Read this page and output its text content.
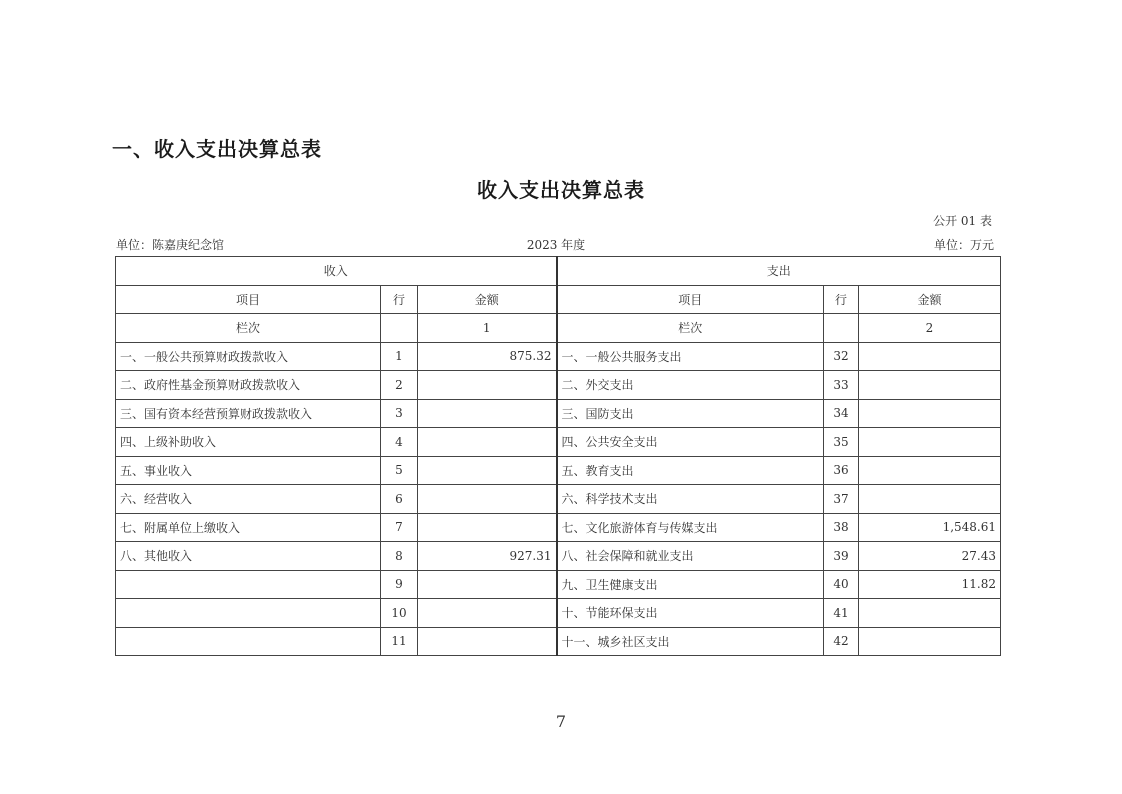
一、收入支出决算总表
收入支出决算总表
公开 01 表
单位：陈嘉庚纪念馆	2023 年度	单位：万元
收入			支出		
项目	行	金额	项目	行	金额
栏次		1	栏次		2
一、一般公共预算财政拨款收入	1	875.32	一、一般公共服务支出	32	
二、政府性基金预算财政拨款收入	2		二、外交支出	33	
三、国有资本经营预算财政拨款收入	3		三、国防支出	34	
四、上级补助收入	4		四、公共安全支出	35	
五、事业收入	5		五、教育支出	36	
六、经营收入	6		六、科学技术支出	37	
七、附属单位上缴收入	7		七、文化旅游体育与传媒支出	38	1,548.61
八、其他收入	8	927.31	八、社会保障和就业支出	39	27.43
	9		九、卫生健康支出	40	11.82
	10		十、节能环保支出	41	
	11		十一、城乡社区支出	42	
7
